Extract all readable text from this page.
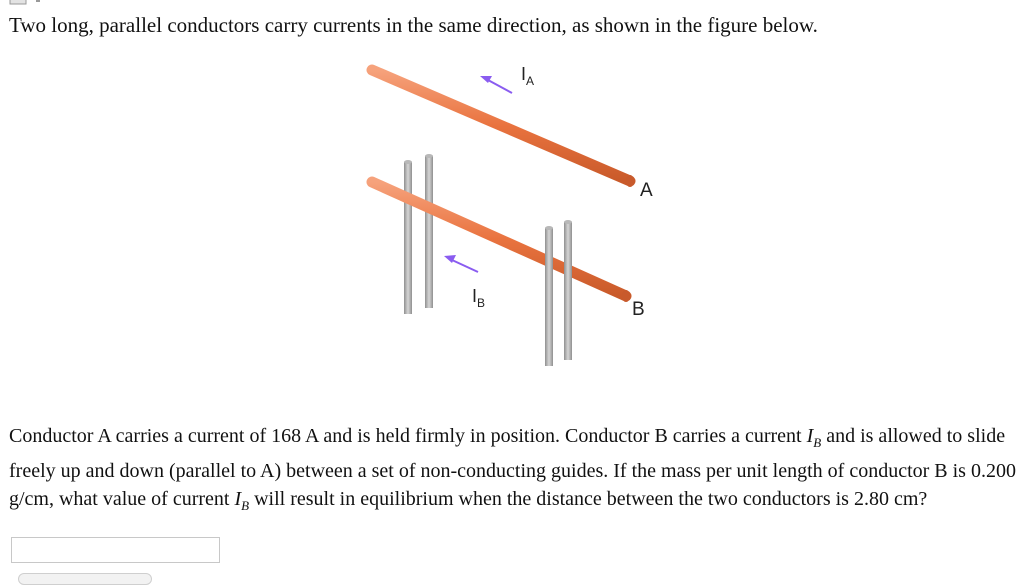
Two long, parallel conductors carry currents in the same direction, as shown in the figure below.
$I_A$
$I_B$
A
B
Conductor A carries a current of 168 A and is held firmly in position. Conductor B carries a current $I_B$ and is allowed to slide freely up and down (parallel to A) between a set of non-conducting guides. If the mass per unit length of conductor B is 0.200 g/cm, what value of current $I_B$ will result in equilibrium when the distance between the two conductors is 2.80 cm?
